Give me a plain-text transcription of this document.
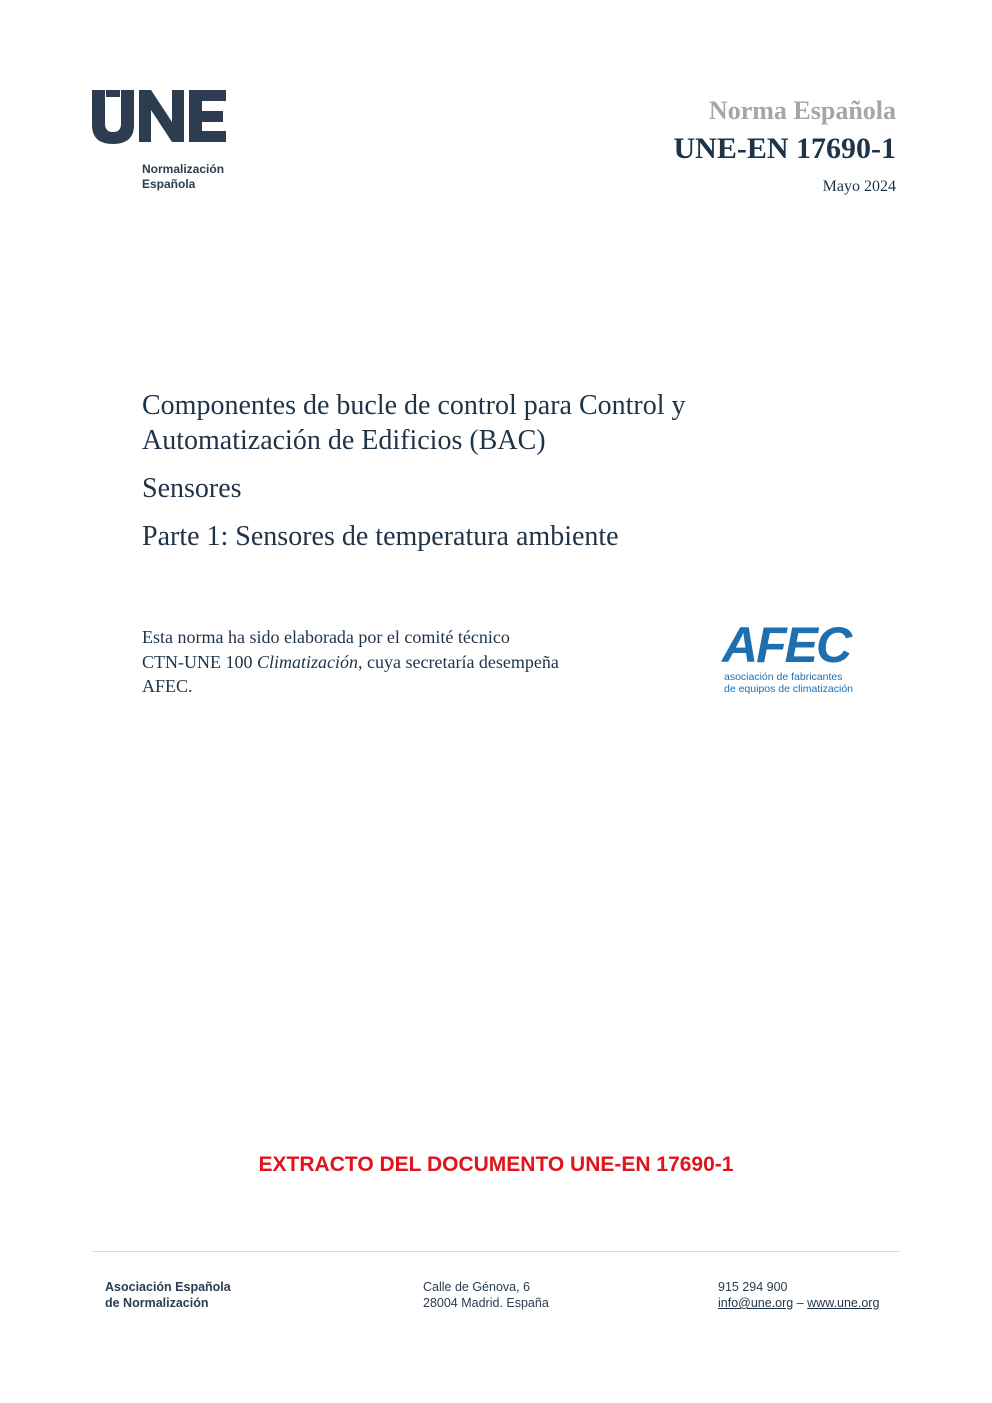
Normalización
Española
Norma Española
UNE-EN 17690-1
Mayo 2024
Componentes de bucle de control para Control y
Automatización de Edificios (BAC)
Sensores
Parte 1: Sensores de temperatura ambiente
Esta norma ha sido elaborada por el comité técnico
CTN-UNE 100 Climatización, cuya secretaría desempeña
AFEC.
AFEC
asociación de fabricantes
de equipos de climatización
EXTRACTO DEL DOCUMENTO UNE-EN 17690-1
Asociación Española
de Normalización
Calle de Génova, 6
28004 Madrid. España
915 294 900
info@une.org – www.une.org
